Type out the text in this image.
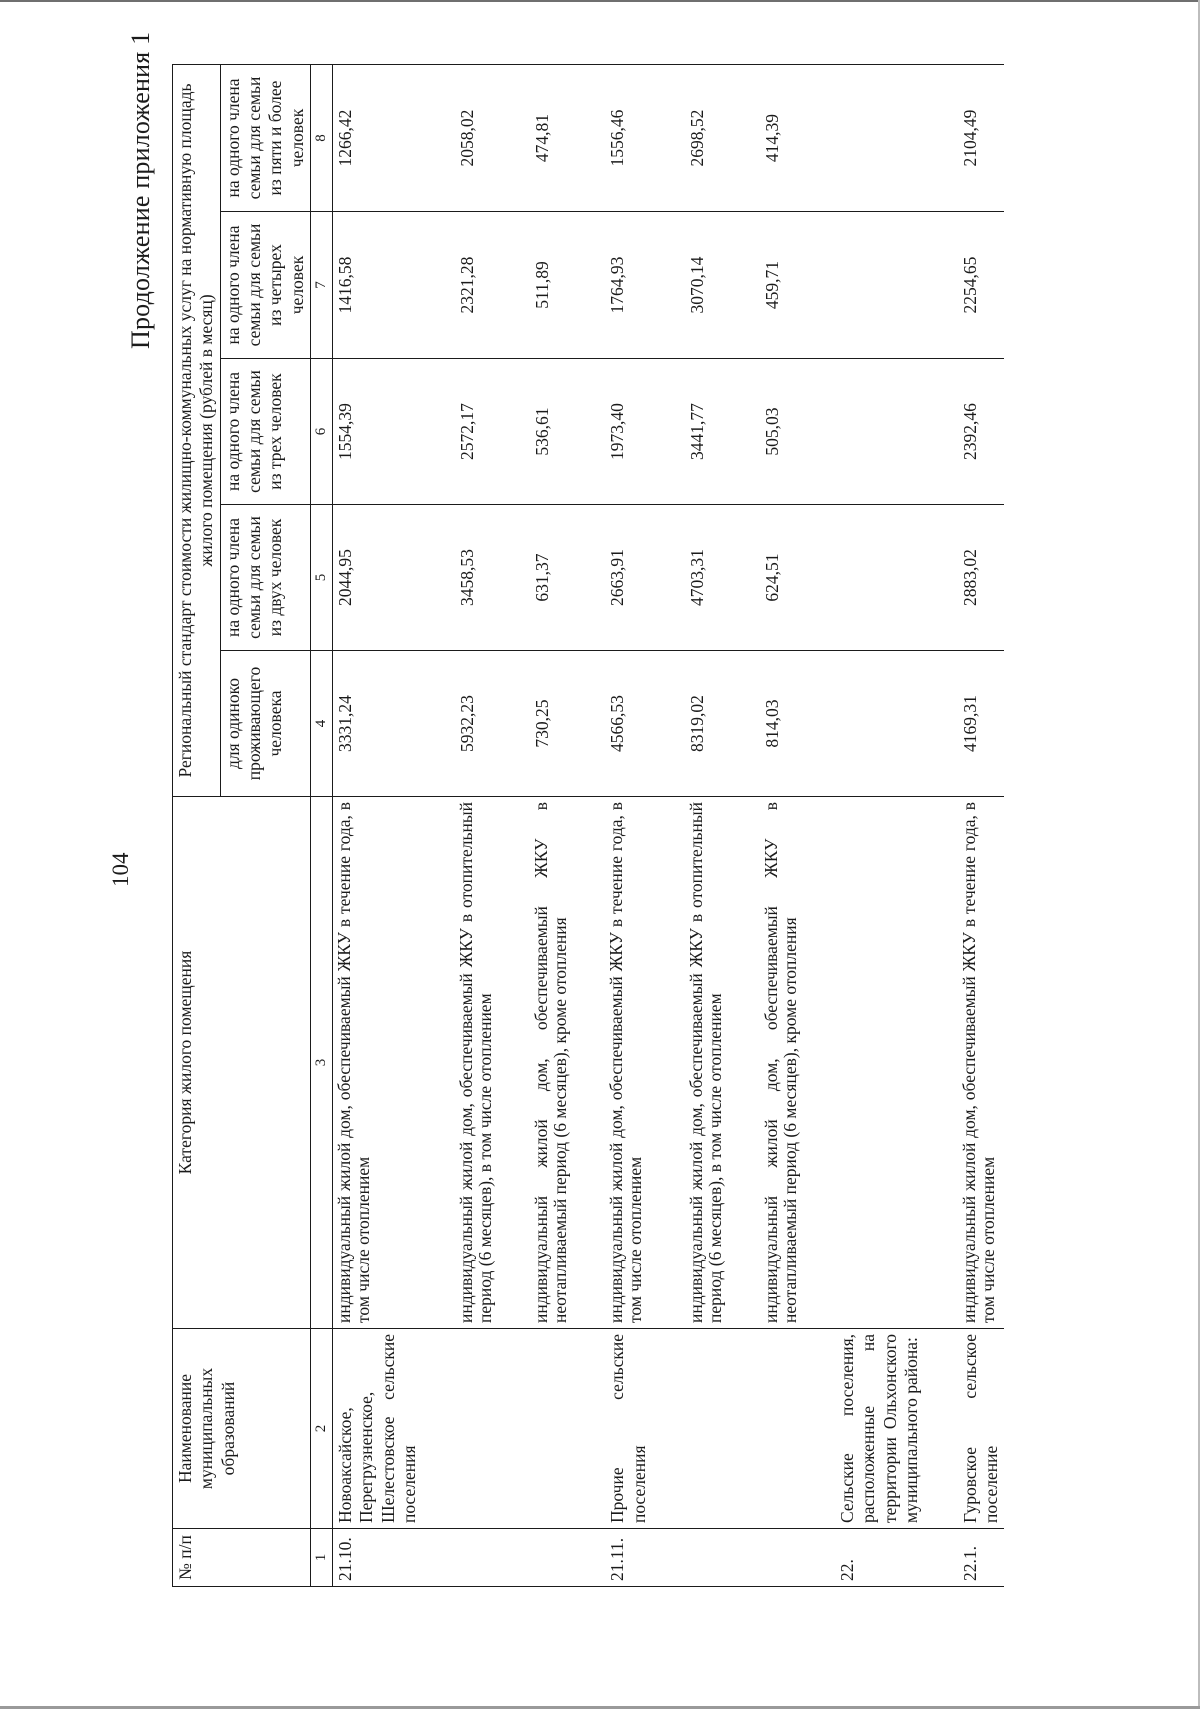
104
Продолжение приложения 1
№ п/п	Наименование муниципальных образований	Категория жилого помещения	Региональный стандарт стоимости жилищно-коммунальных услуг на нормативную площадь жилого помещения (рублей в месяц)				
			для одиноко проживающего человека	на одного члена семьи для семьи из двух человек	на одного члена семьи для семьи из трех человек	на одного члена семьи для семьи из четырех человек	на одного члена семьи для семьи из пяти и более человек
1	2	3	4	5	6	7	8
21.10.	Новоаксайское, Перегрузненское, Шелестовское сельские поселения	индивидуальный жилой дом, обеспечиваемый ЖКУ в течение года, в том числе отоплением	3331,24	2044,95	1554,39	1416,58	1266,42

		индивидуальный жилой дом, обеспечиваемый ЖКУ в отопительный период (6 месяцев), в том числе отоплением	5932,23	3458,53	2572,17	2321,28	2058,02

		индивидуальный жилой дом, обеспечиваемый ЖКУ в неотапливаемый период (6 месяцев), кроме отопления	730,25	631,37	536,61	511,89	474,81

21.11.	Прочие сельские поселения	индивидуальный жилой дом, обеспечиваемый ЖКУ в течение года, в том числе отоплением	4566,53	2663,91	1973,40	1764,93	1556,46

		индивидуальный жилой дом, обеспечиваемый ЖКУ в отопительный период (6 месяцев), в том числе отоплением	8319,02	4703,31	3441,77	3070,14	2698,52

		индивидуальный жилой дом, обеспечиваемый ЖКУ в неотапливаемый период (6 месяцев), кроме отопления	814,03	624,51	505,03	459,71	414,39

22.	Сельские поселения, расположенные на территории Ольхонского муниципального района:	

22.1.	Гуровское сельское поселение	индивидуальный жилой дом, обеспечиваемый ЖКУ в течение года, в том числе отоплением	4169,31	2883,02	2392,46	2254,65	2104,49
